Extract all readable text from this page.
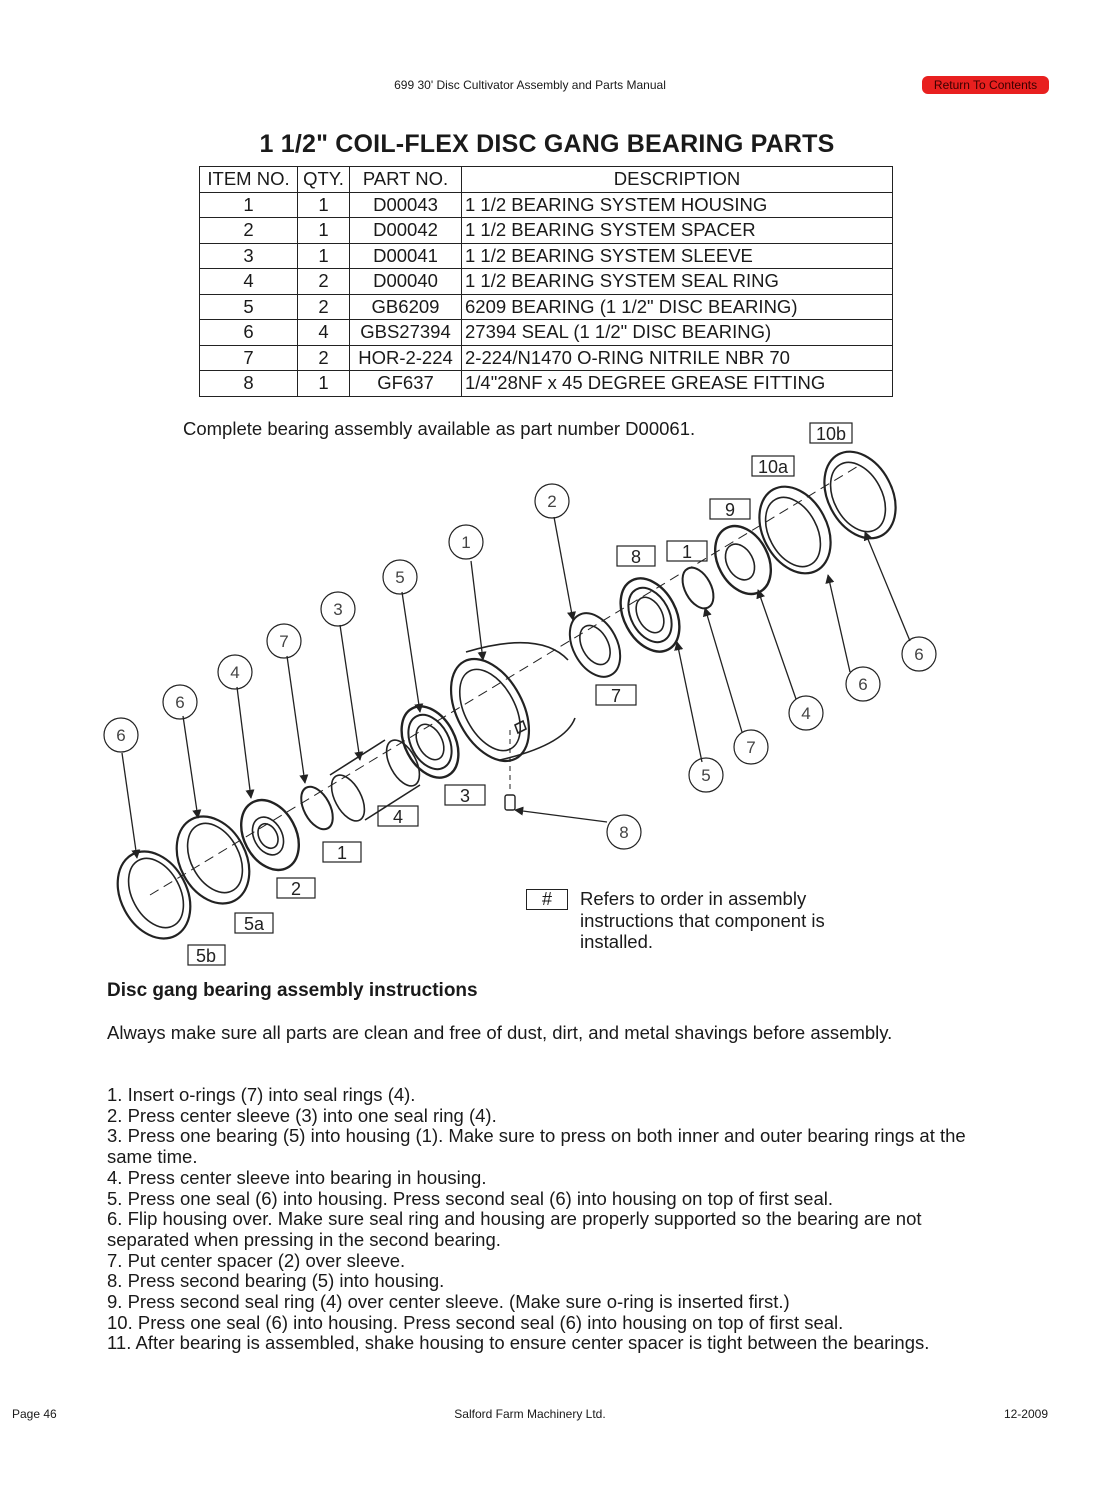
699 30' Disc Cultivator Assembly and Parts Manual	Return To Contents
1 1/2" COIL-FLEX DISC GANG BEARING PARTS
ITEM NO.	QTY.	PART NO.	DESCRIPTION
1	1	D00043	1 1/2 BEARING SYSTEM HOUSING
2	1	D00042	1 1/2 BEARING SYSTEM SPACER
3	1	D00041	1 1/2 BEARING SYSTEM SLEEVE
4	2	D00040	1 1/2 BEARING SYSTEM SEAL RING
5	2	GB6209	6209 BEARING (1 1/2" DISC BEARING)
6	4	GBS27394	27394 SEAL (1 1/2" DISC BEARING)
7	2	HOR-2-224	2-224/N1470 O-RING NITRILE NBR 70
8	1	GF637	1/4"28NF x 45 DEGREE GREASE FITTING
Complete bearing assembly available as part number D00061.
6
6
4
7
3
5
1
2
6
6
4
7
5
8
5b
5a
2
1
4
3
7
8 1
9
10a
10b
#	Refers to order in assembly instructions that component is installed.
Disc gang bearing assembly instructions
Always make sure all parts are clean and free of dust, dirt, and metal shavings before assembly.
1. Insert o-rings (7) into seal rings (4).
2. Press center sleeve (3) into one seal ring (4).
3. Press one bearing (5) into housing (1). Make sure to press on both inner and outer bearing rings at the same time.
4. Press center sleeve into bearing in housing.
5. Press one seal (6) into housing. Press second seal (6) into housing on top of first seal.
6. Flip housing over. Make sure seal ring and housing are properly supported so the bearing are not separated when pressing in the second bearing.
7. Put center spacer (2) over sleeve.
8. Press second bearing (5) into housing.
9. Press second seal ring (4) over center sleeve. (Make sure o-ring is inserted first.)
10. Press one seal (6) into housing. Press second seal (6) into housing on top of first seal.
11. After bearing is assembled, shake housing to ensure center spacer is tight between the bearings.
Page 46	Salford Farm Machinery Ltd.	12-2009
